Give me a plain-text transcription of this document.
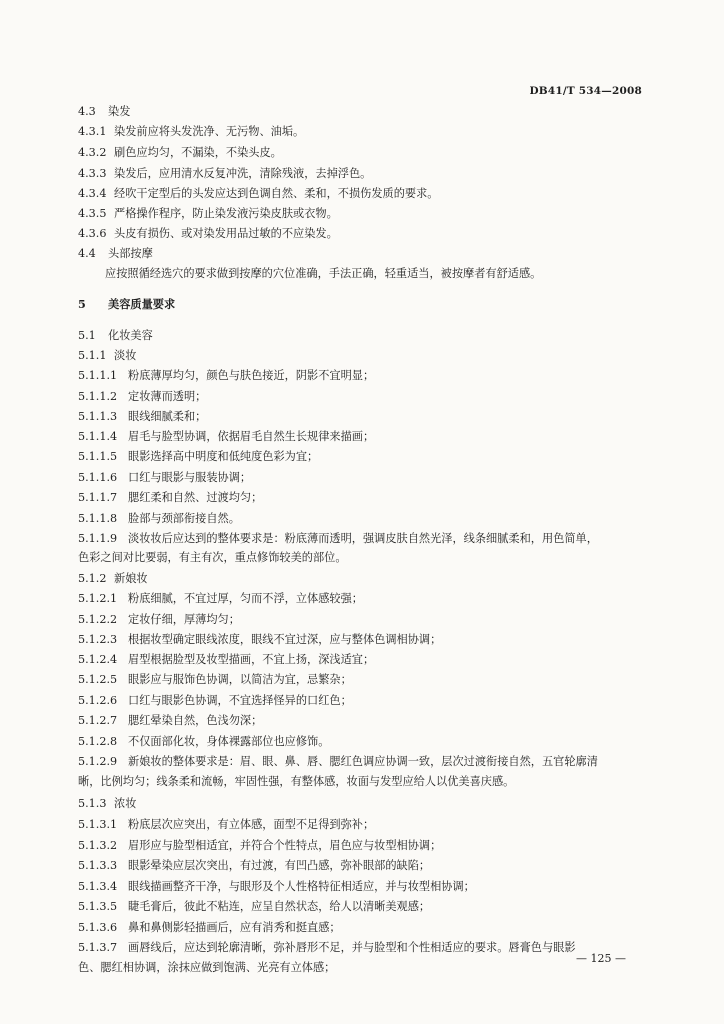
DB41/T 534—2008
4.3 染发
4.3.1 染发前应将头发洗净、无污物、油垢。
4.3.2 刷色应均匀，不漏染，不染头皮。
4.3.3 染发后，应用清水反复冲洗，清除残液，去掉浮色。
4.3.4 经吹干定型后的头发应达到色调自然、柔和，不损伤发质的要求。
4.3.5 严格操作程序，防止染发液污染皮肤或衣物。
4.3.6 头皮有损伤、或对染发用品过敏的不应染发。
4.4 头部按摩
应按照循经选穴的要求做到按摩的穴位准确，手法正确，轻重适当，被按摩者有舒适感。
5 美容质量要求
5.1 化妆美容
5.1.1 淡妆
5.1.1.1 粉底薄厚均匀，颜色与肤色接近，阴影不宜明显；
5.1.1.2 定妆薄而透明；
5.1.1.3 眼线细腻柔和；
5.1.1.4 眉毛与脸型协调，依据眉毛自然生长规律来描画；
5.1.1.5 眼影选择高中明度和低纯度色彩为宜；
5.1.1.6 口红与眼影与服装协调；
5.1.1.7 腮红柔和自然、过渡均匀；
5.1.1.8 脸部与颈部衔接自然。
5.1.1.9 淡妆妆后应达到的整体要求是：粉底薄而透明，强调皮肤自然光泽，线条细腻柔和，用色简单，
色彩之间对比要弱，有主有次，重点修饰较美的部位。
5.1.2 新娘妆
5.1.2.1 粉底细腻，不宜过厚，匀而不浮，立体感较强；
5.1.2.2 定妆仔细，厚薄均匀；
5.1.2.3 根据妆型确定眼线浓度，眼线不宜过深，应与整体色调相协调；
5.1.2.4 眉型根据脸型及妆型描画，不宜上扬，深浅适宜；
5.1.2.5 眼影应与服饰色协调，以简洁为宜，忌繁杂；
5.1.2.6 口红与眼影色协调，不宜选择怪异的口红色；
5.1.2.7 腮红晕染自然，色浅勿深；
5.1.2.8 不仅面部化妆，身体裸露部位也应修饰。
5.1.2.9 新娘妆的整体要求是：眉、眼、鼻、唇、腮红色调应协调一致，层次过渡衔接自然，五官轮廓清
晰，比例均匀；线条柔和流畅，牢固性强，有整体感，妆面与发型应给人以优美喜庆感。
5.1.3 浓妆
5.1.3.1 粉底层次应突出，有立体感，面型不足得到弥补；
5.1.3.2 眉形应与脸型相适宜，并符合个性特点，眉色应与妆型相协调；
5.1.3.3 眼影晕染应层次突出，有过渡，有凹凸感，弥补眼部的缺陷；
5.1.3.4 眼线描画整齐干净，与眼形及个人性格特征相适应，并与妆型相协调；
5.1.3.5 睫毛膏后，彼此不粘连，应呈自然状态，给人以清晰美观感；
5.1.3.6 鼻和鼻侧影轻描画后，应有消秀和挺直感；
5.1.3.7 画唇线后，应达到轮廓清晰，弥补唇形不足，并与脸型和个性相适应的要求。唇膏色与眼影
色、腮红相协调，涂抹应做到饱满、光亮有立体感；
— 125 —
